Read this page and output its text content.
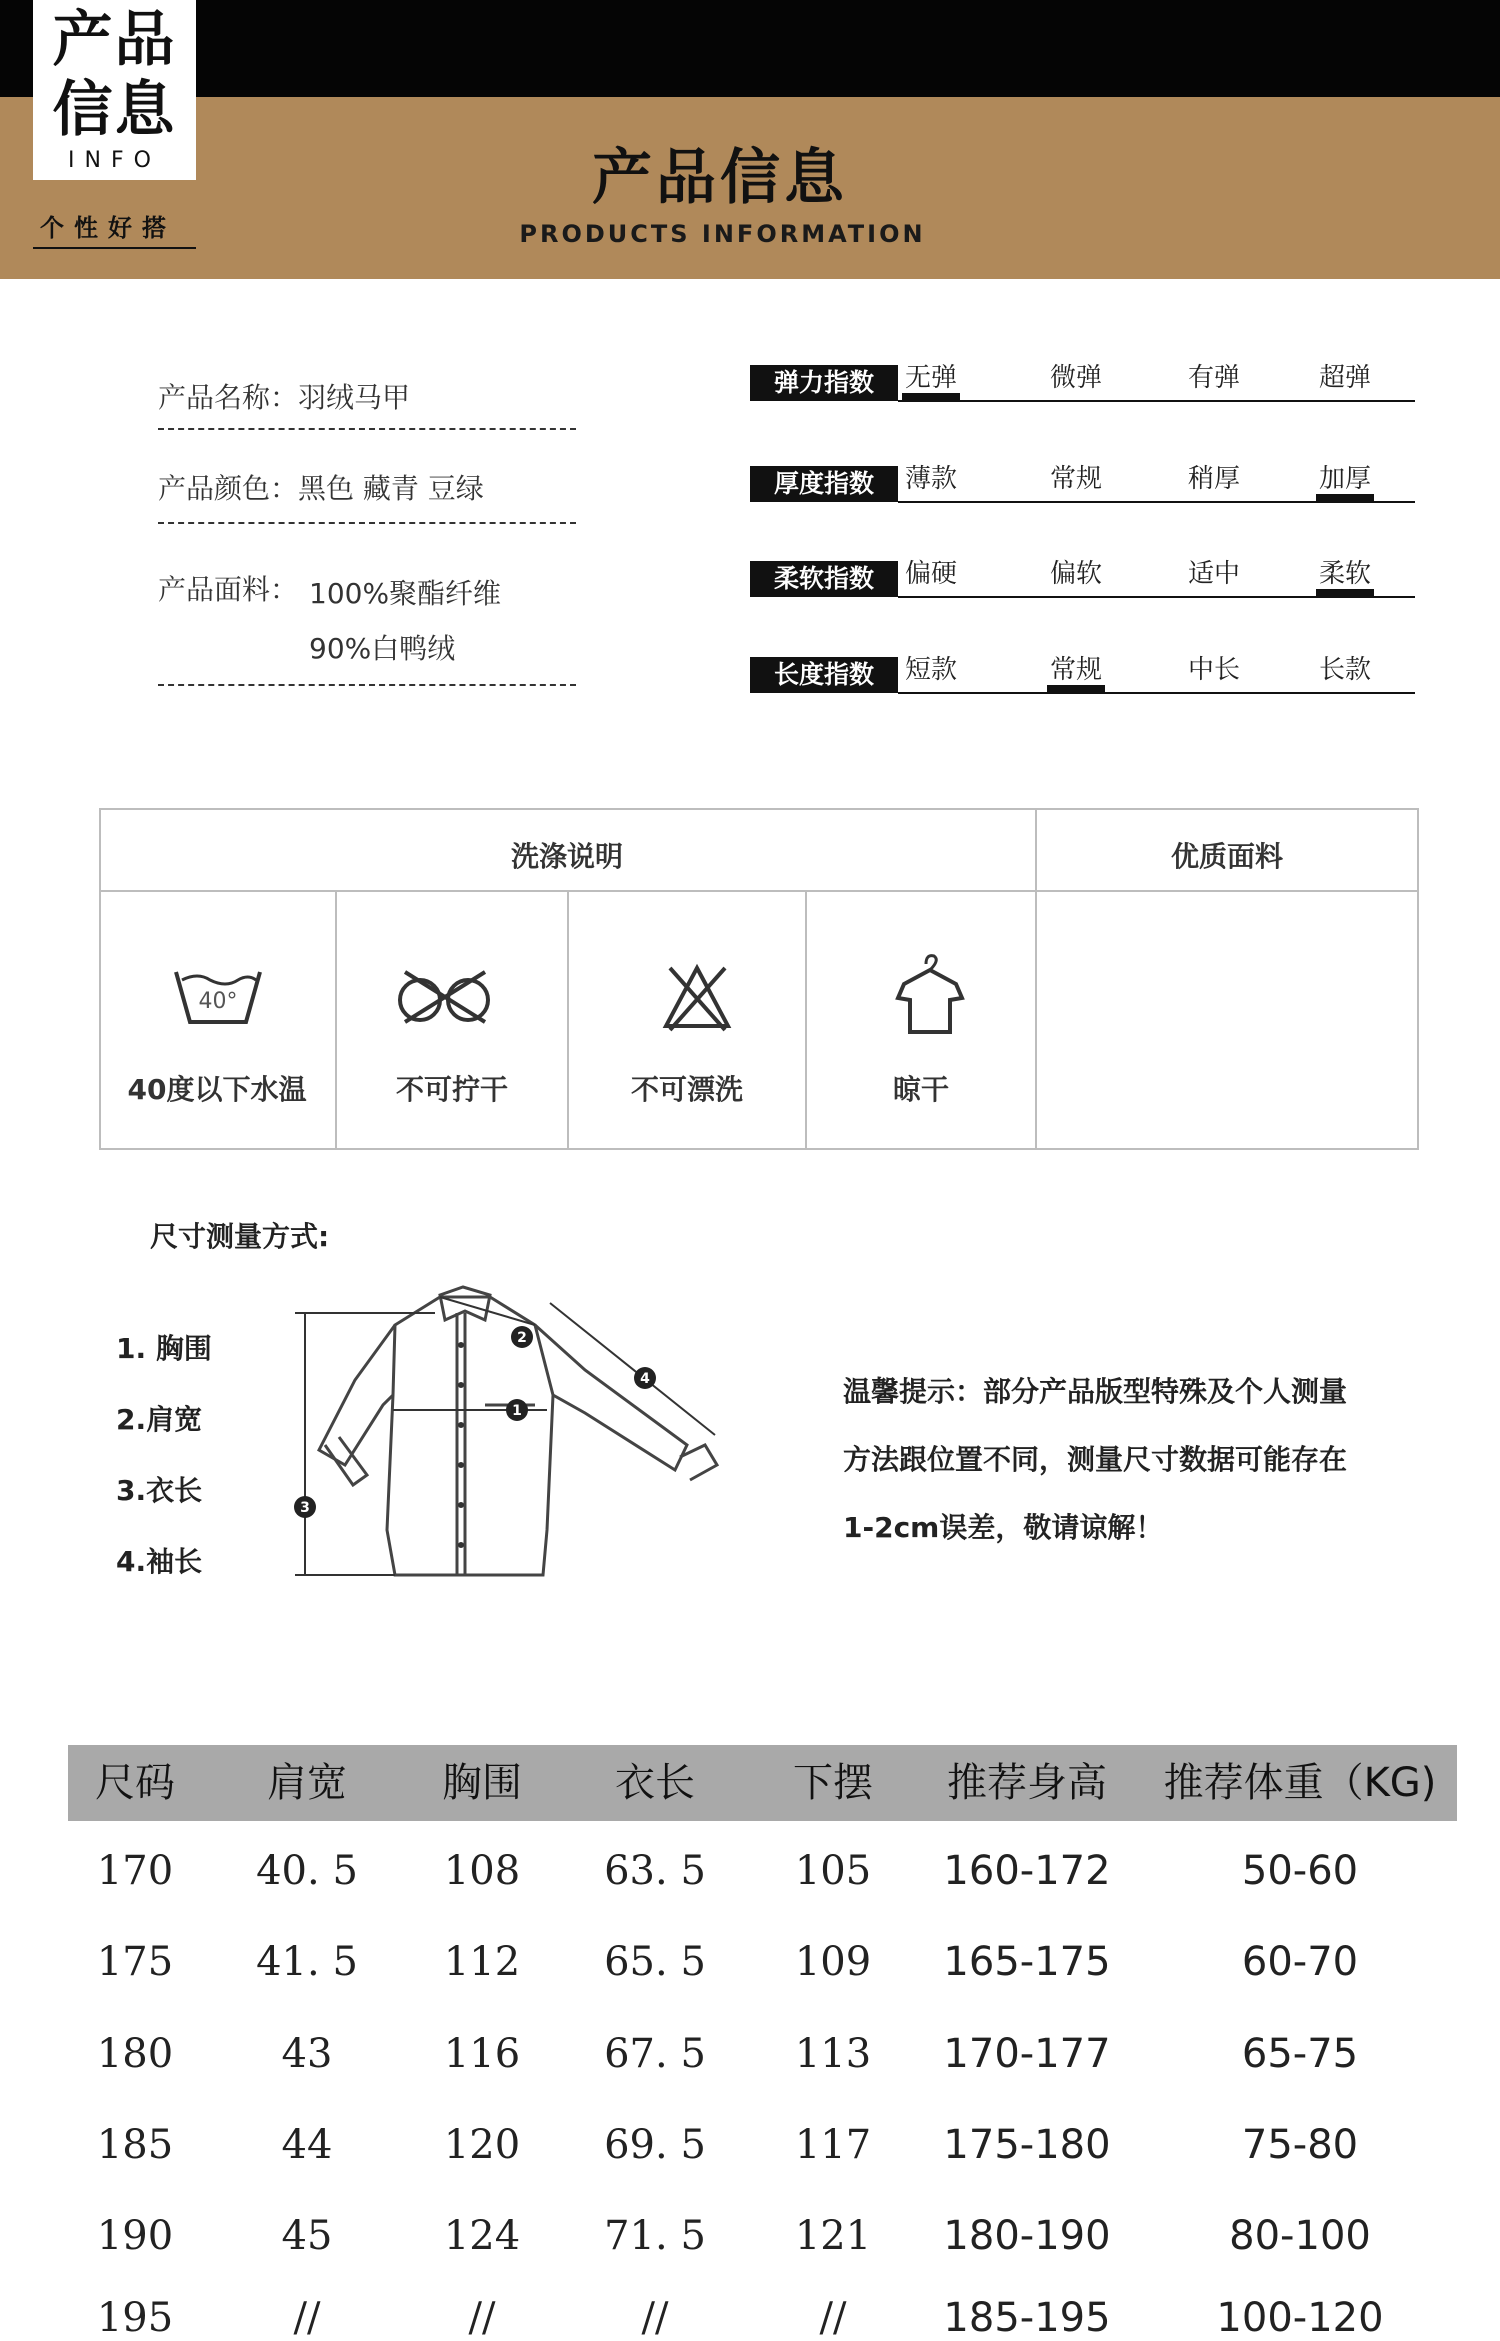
产品
信息
INFO
个性好搭
产品信息
PRODUCTS INFORMATION
产品名称：羽绒马甲
产品颜色：黑色 藏青 豆绿
产品面料： 100%聚酯纤维
90%白鸭绒
弹力指数	无弹	微弹	有弹	超弹
厚度指数	薄款	常规	稍厚	加厚
柔软指数	偏硬	偏软	适中	柔软
长度指数	短款	常规	中长	长款
洗涤说明	优质面料
40°
40度以下水温	不可拧干	不可漂洗	晾干
尺寸测量方式:
1. 胸围
2.肩宽
3.衣长
4.袖长
2
1
3
4	温馨提示：部分产品版型特殊及个人测量
方法跟位置不同，测量尺寸数据可能存在
1-2cm误差，敬请谅解！
尺码	肩宽	胸围	衣长	下摆	推荐身高	推荐体重（KG)
170	40. 5	108	63. 5	105	160-172	50-60
175	41. 5	112	65. 5	109	165-175	60-70
180	43	116	67. 5	113	170-177	65-75
185	44	120	69. 5	117	175-180	75-80
190	45	124	71. 5	121	180-190	80-100
195	//	//	//	//	185-195	100-120
